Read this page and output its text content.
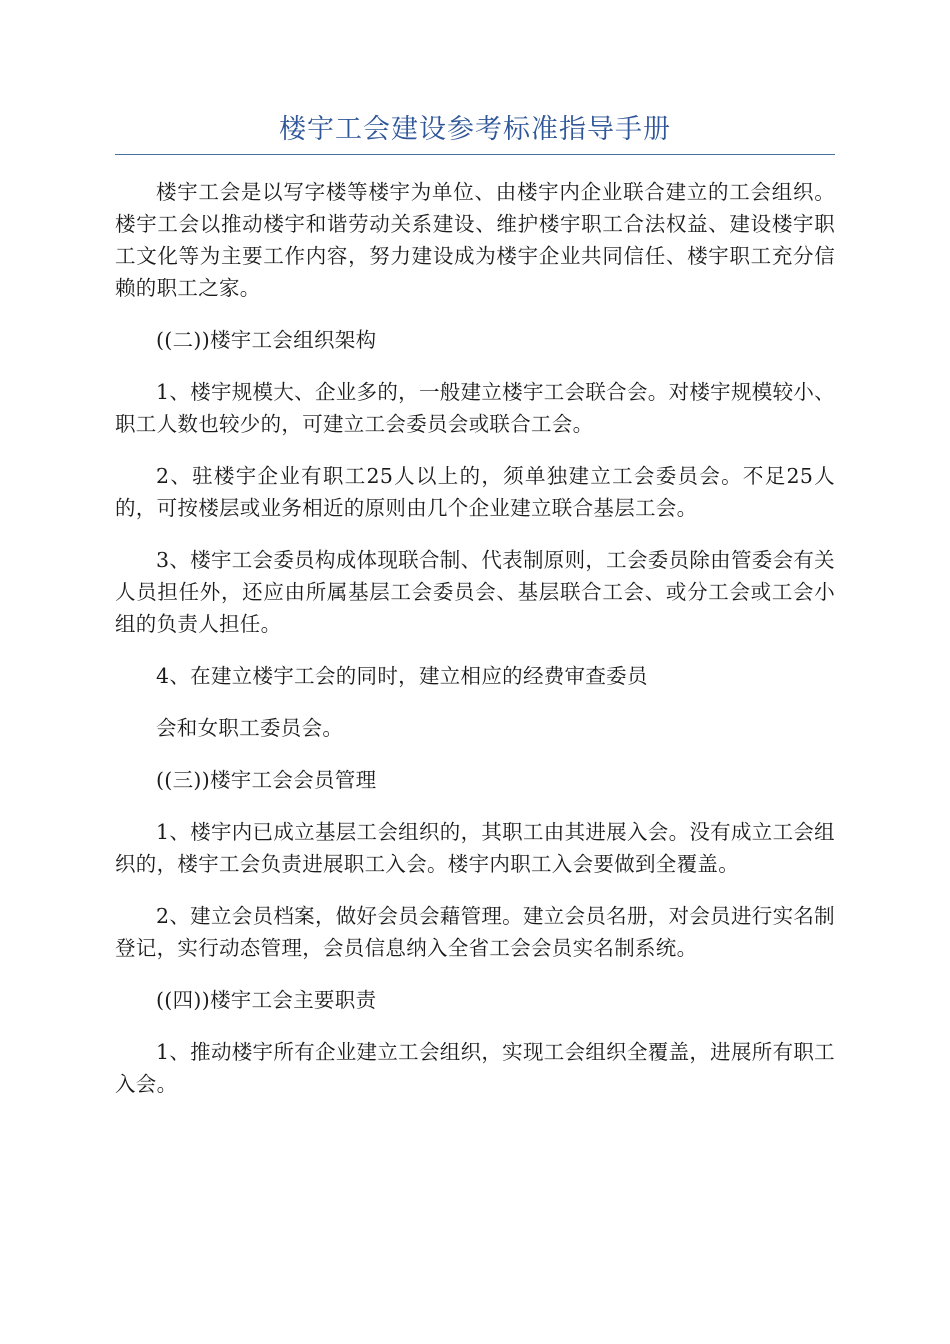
楼宇工会建设参考标准指导手册

楼宇工会是以写字楼等楼宇为单位、由楼宇内企业联合建立的工会组织。楼宇工会以推动楼宇和谐劳动关系建设、维护楼宇职工合法权益、建设楼宇职工文化等为主要工作内容，努力建设成为楼宇企业共同信任、楼宇职工充分信赖的职工之家。

((二))楼宇工会组织架构

1、楼宇规模大、企业多的，一般建立楼宇工会联合会。对楼宇规模较小、职工人数也较少的，可建立工会委员会或联合工会。

2、驻楼宇企业有职工25人以上的，须单独建立工会委员会。不足25人的，可按楼层或业务相近的原则由几个企业建立联合基层工会。

3、楼宇工会委员构成体现联合制、代表制原则，工会委员除由管委会有关人员担任外，还应由所属基层工会委员会、基层联合工会、或分工会或工会小组的负责人担任。

4、在建立楼宇工会的同时，建立相应的经费审查委员

会和女职工委员会。

((三))楼宇工会会员管理

1、楼宇内已成立基层工会组织的，其职工由其进展入会。没有成立工会组织的，楼宇工会负责进展职工入会。楼宇内职工入会要做到全覆盖。

2、建立会员档案，做好会员会藉管理。建立会员名册，对会员进行实名制登记，实行动态管理，会员信息纳入全省工会会员实名制系统。

((四))楼宇工会主要职责

1、推动楼宇所有企业建立工会组织，实现工会组织全覆盖，进展所有职工入会。
